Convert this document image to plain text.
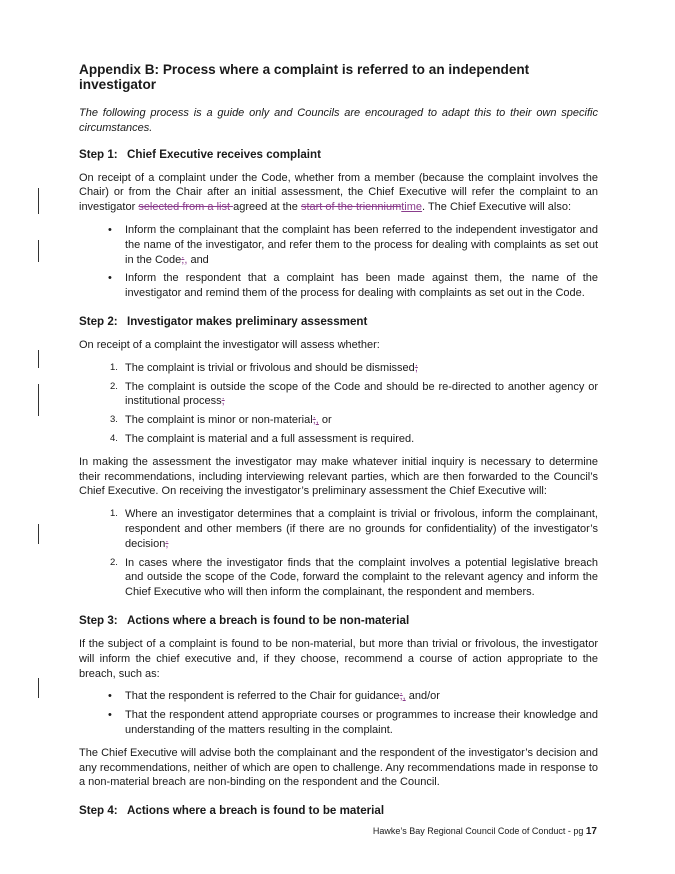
Appendix B: Process where a complaint is referred to an independent investigator

The following process is a guide only and Councils are encouraged to adapt this to their own specific circumstances.

Step 1: Chief Executive receives complaint

On receipt of a complaint under the Code, whether from a member (because the complaint involves the Chair) or from the Chair after an initial assessment, the Chief Executive will refer the complaint to an investigator selected from a list agreed at the start of the trienniumtime. The Chief Executive will also:

• Inform the complainant that the complaint has been referred to the independent investigator and the name of the investigator, and refer them to the process for dealing with complaints as set out in the Code;, and
• Inform the respondent that a complaint has been made against them, the name of the investigator and remind them of the process for dealing with complaints as set out in the Code.
Step 2: Investigator makes preliminary assessment

On receipt of a complaint the investigator will assess whether:

1. The complaint is trivial or frivolous and should be dismissed;
2. The complaint is outside the scope of the Code and should be re-directed to another agency or institutional process;
3. The complaint is minor or non-material;, or
4. The complaint is material and a full assessment is required.

In making the assessment the investigator may make whatever initial inquiry is necessary to determine their recommendations, including interviewing relevant parties, which are then forwarded to the Council’s Chief Executive. On receiving the investigator’s preliminary assessment the Chief Executive will:

1. Where an investigator determines that a complaint is trivial or frivolous, inform the complainant, respondent and other members (if there are no grounds for confidentiality) of the investigator’s decision;
2. In cases where the investigator finds that the complaint involves a potential legislative breach and outside the scope of the Code, forward the complaint to the relevant agency and inform the Chief Executive who will then inform the complainant, the respondent and members.
Step 3: Actions where a breach is found to be non-material

If the subject of a complaint is found to be non-material, but more than trivial or frivolous, the investigator will inform the chief executive and, if they choose, recommend a course of action appropriate to the breach, such as:

• That the respondent is referred to the Chair for guidance;, and/or
• That the respondent attend appropriate courses or programmes to increase their knowledge and understanding of the matters resulting in the complaint.

The Chief Executive will advise both the complainant and the respondent of the investigator’s decision and any recommendations, neither of which are open to challenge. Any recommendations made in response to a non-material breach are non-binding on the respondent and the Council.

Step 4: Actions where a breach is found to be material
Hawke’s Bay Regional Council Code of Conduct - pg 17
